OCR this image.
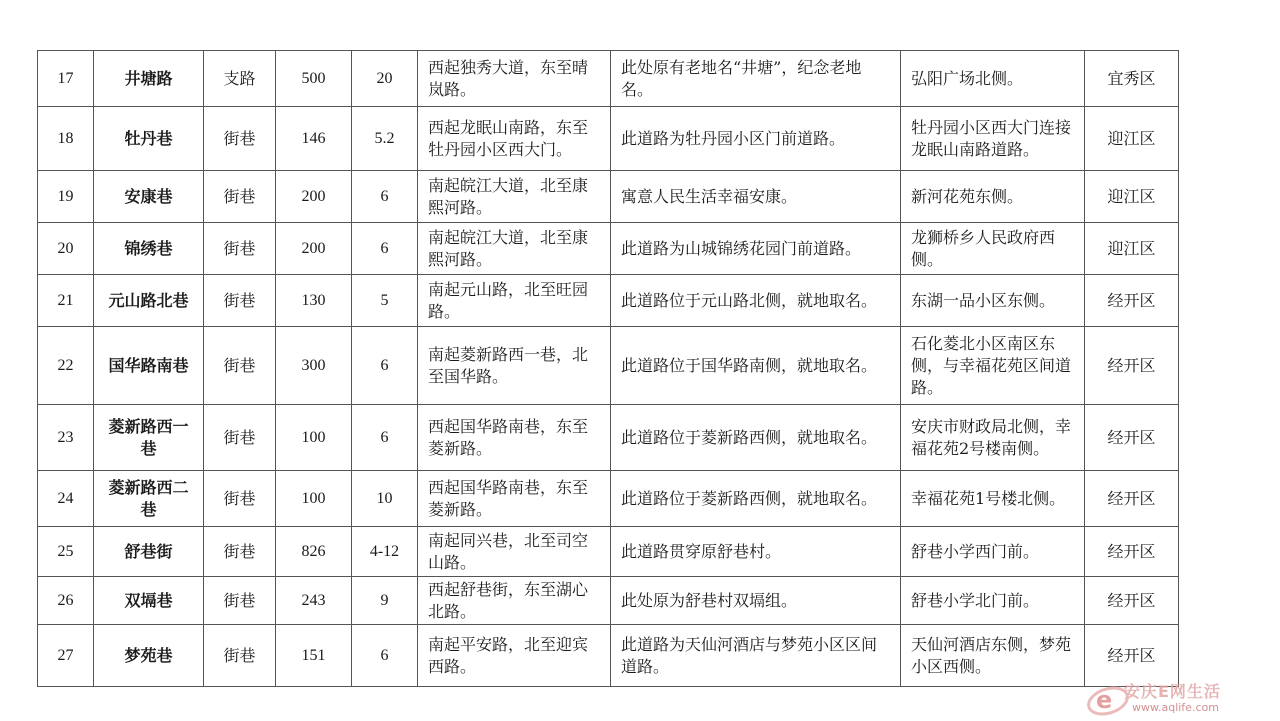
17	井塘路	支路	500	20	西起独秀大道，东至晴岚路。	此处原有老地名“井塘”，纪念老地名。	弘阳广场北侧。	宜秀区
18	牡丹巷	街巷	146	5.2	西起龙眠山南路，东至牡丹园小区西大门。	此道路为牡丹园小区门前道路。	牡丹园小区西大门连接龙眠山南路道路。	迎江区
19	安康巷	街巷	200	6	南起皖江大道，北至康熙河路。	寓意人民生活幸福安康。	新河花苑东侧。	迎江区
20	锦绣巷	街巷	200	6	南起皖江大道，北至康熙河路。	此道路为山城锦绣花园门前道路。	龙狮桥乡人民政府西侧。	迎江区
21	元山路北巷	街巷	130	5	南起元山路，北至旺园路。	此道路位于元山路北侧，就地取名。	东湖一品小区东侧。	经开区
22	国华路南巷	街巷	300	6	南起菱新路西一巷，北至国华路。	此道路位于国华路南侧，就地取名。	石化菱北小区南区东侧，与幸福花苑区间道路。	经开区
23	菱新路西一巷	街巷	100	6	西起国华路南巷，东至菱新路。	此道路位于菱新路西侧，就地取名。	安庆市财政局北侧，幸福花苑2号楼南侧。	经开区
24	菱新路西二巷	街巷	100	10	西起国华路南巷，东至菱新路。	此道路位于菱新路西侧，就地取名。	幸福花苑1号楼北侧。	经开区
25	舒巷街	街巷	826	4-12	南起同兴巷，北至司空山路。	此道路贯穿原舒巷村。	舒巷小学西门前。	经开区
26	双塥巷	街巷	243	9	西起舒巷街，东至湖心北路。	此处原为舒巷村双塥组。	舒巷小学北门前。	经开区
27	梦苑巷	街巷	151	6	南起平安路，北至迎宾西路。	此道路为天仙河酒店与梦苑小区区间道路。	天仙河酒店东侧，梦苑小区西侧。	经开区
e 安庆E网生活
www.aqlife.com
